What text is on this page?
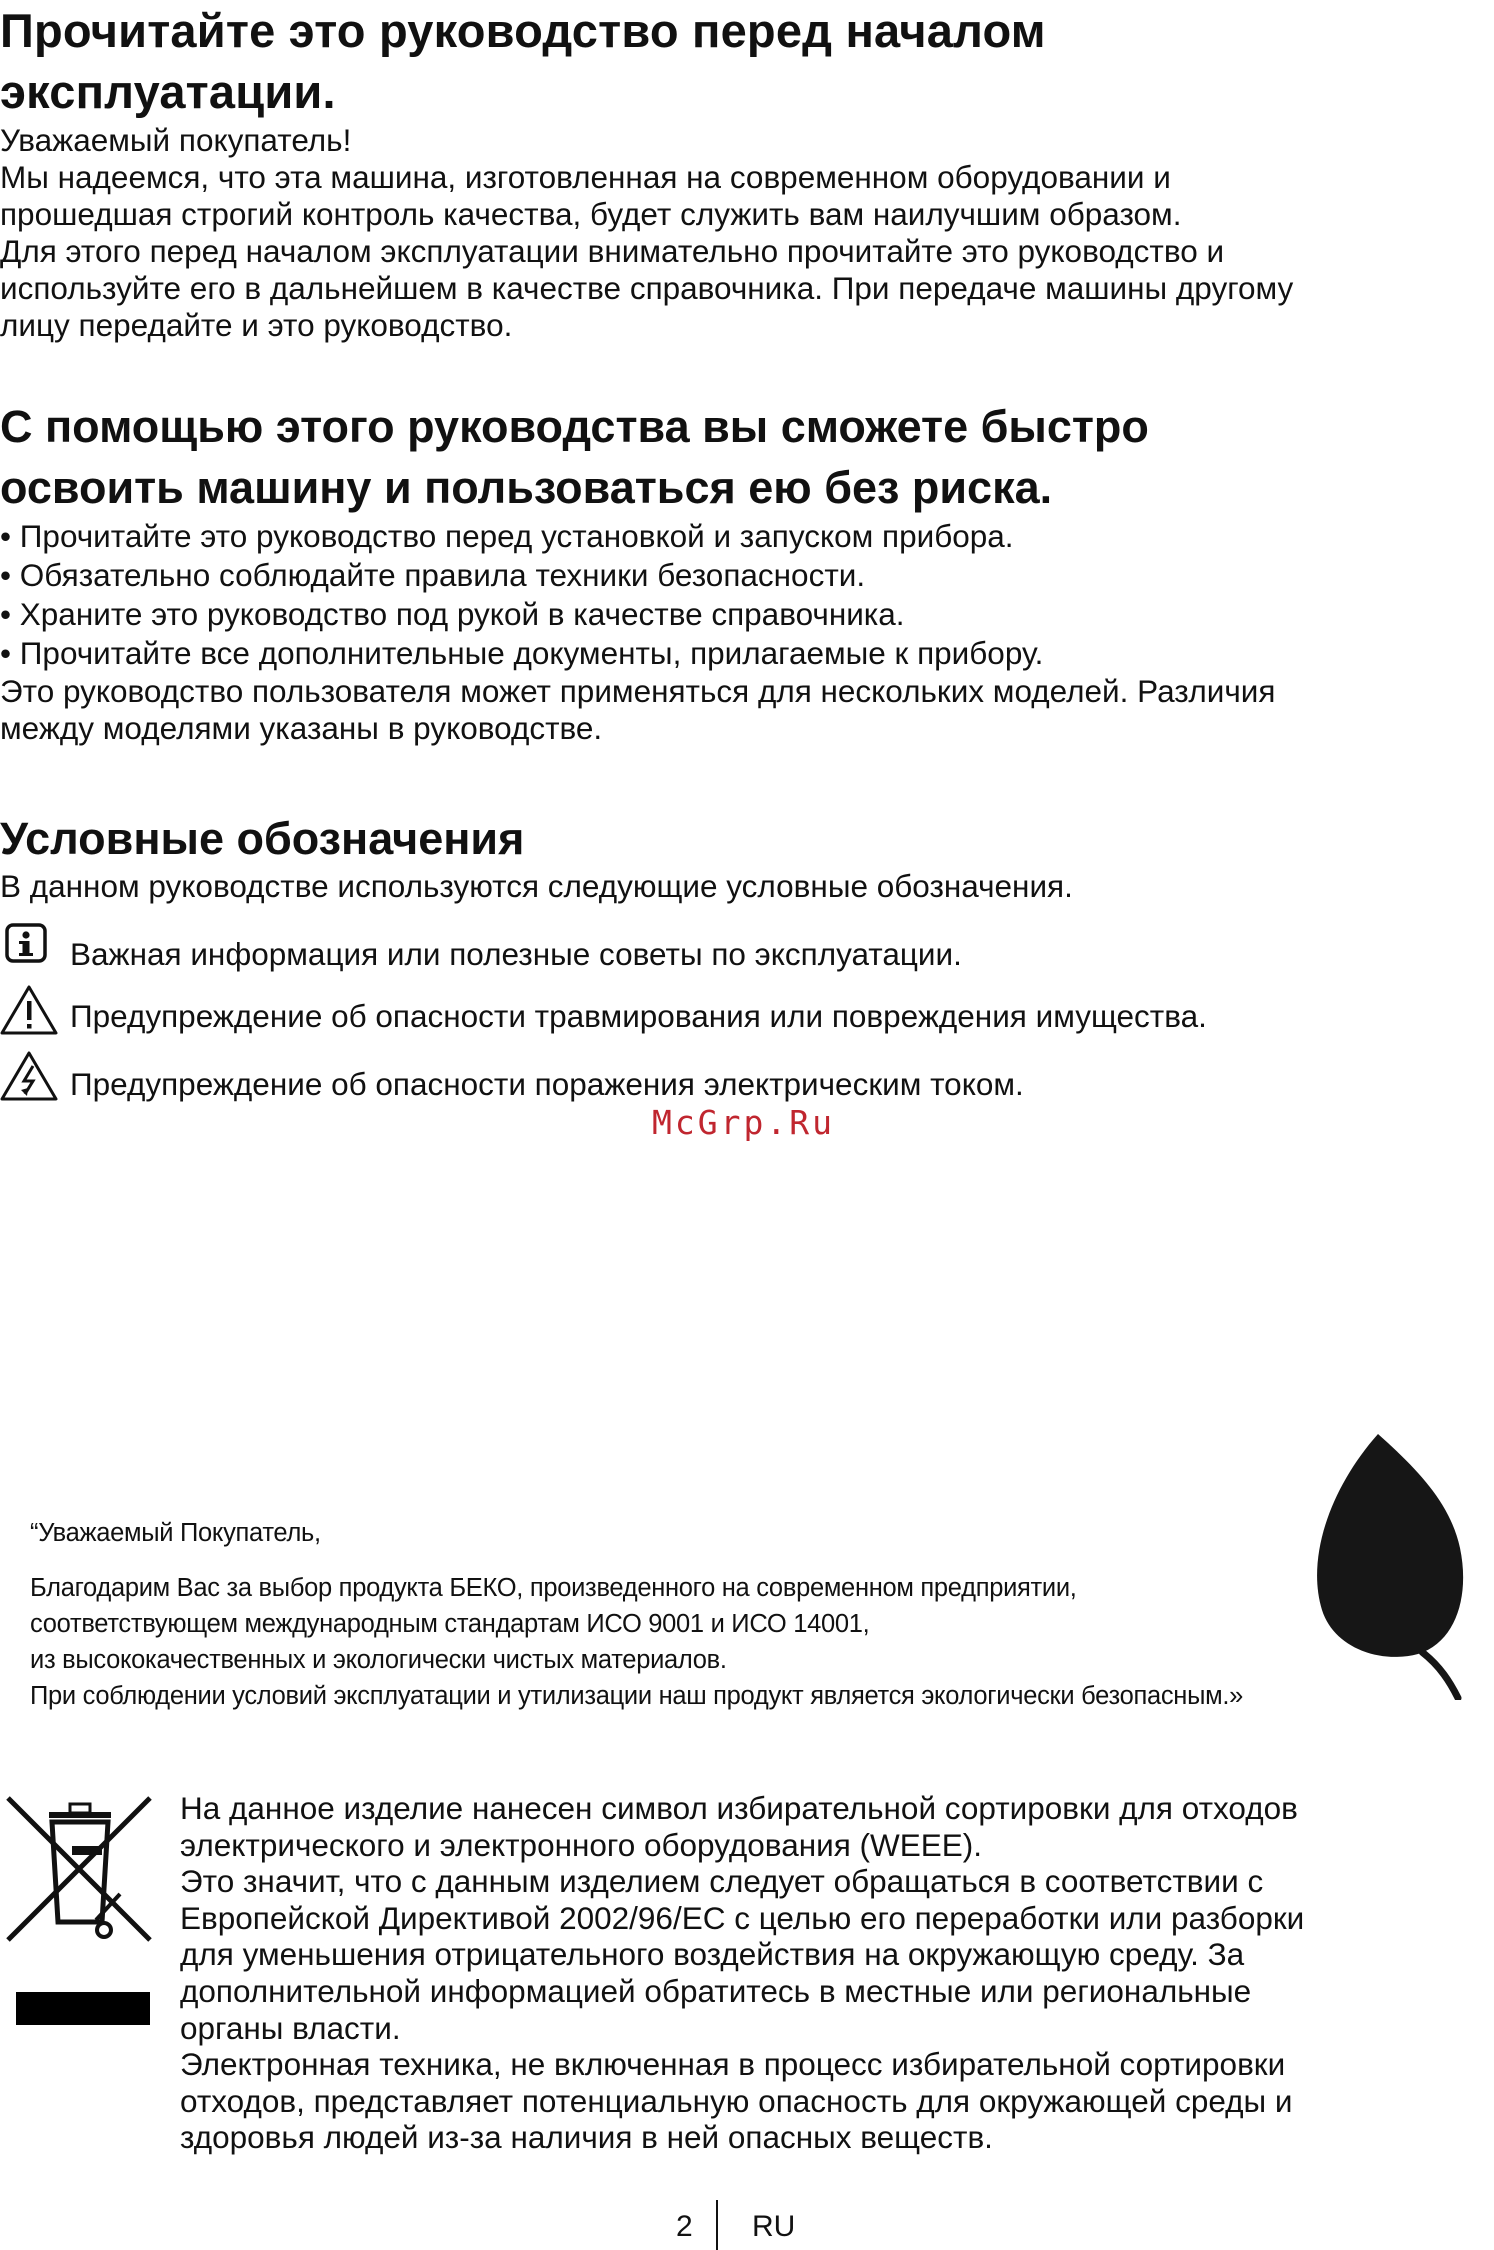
Прочитайте это руководство перед началом
эксплуатации.
Уважаемый покупатель!
Мы надеемся, что эта машина, изготовленная на современном оборудовании и
прошедшая строгий контроль качества, будет служить вам наилучшим образом.
Для этого перед началом эксплуатации внимательно прочитайте это руководство и
используйте его в дальнейшем в качестве справочника. При передаче машины другому
лицу передайте и это руководство.
С помощью этого руководства вы сможете быстро
освоить машину и пользоваться ею без риска.
• Прочитайте это руководство перед установкой и запуском прибора.
• Обязательно соблюдайте правила техники безопасности.
• Храните это руководство под рукой в качестве справочника.
• Прочитайте все дополнительные документы, прилагаемые к прибору.
Это руководство пользователя может применяться для нескольких моделей. Различия
между моделями указаны в руководстве.
Условные обозначения
В данном руководстве используются следующие условные обозначения.
Важная информация или полезные советы по эксплуатации.
Предупреждение об опасности травмирования или повреждения имущества.
Предупреждение об опасности поражения электрическим током.
McGrp.Ru
“Уважаемый Покупатель,
Благодарим Вас за выбор продукта БЕКО, произведенного на современном предприятии,
соответствующем международным стандартам ИСО 9001 и ИСО 14001,
из высококачественных и экологически чистых материалов.
При соблюдении условий эксплуатации и утилизации наш продукт является экологически безопасным.»
На данное изделие нанесен символ избирательной сортировки для отходов
электрического и электронного оборудования (WEEE).
Это значит, что с данным изделием следует обращаться в соответствии с
Европейской Директивой 2002/96/ЕС с целью его переработки или разборки
для уменьшения отрицательного воздействия на окружающую среду. За
дополнительной информацией обратитесь в местные или региональные
органы власти.
Электронная техника, не включенная в процесс избирательной сортировки
отходов, представляет потенциальную опасность для окружающей среды и
здоровья людей из-за наличия в ней опасных веществ.
2 RU
